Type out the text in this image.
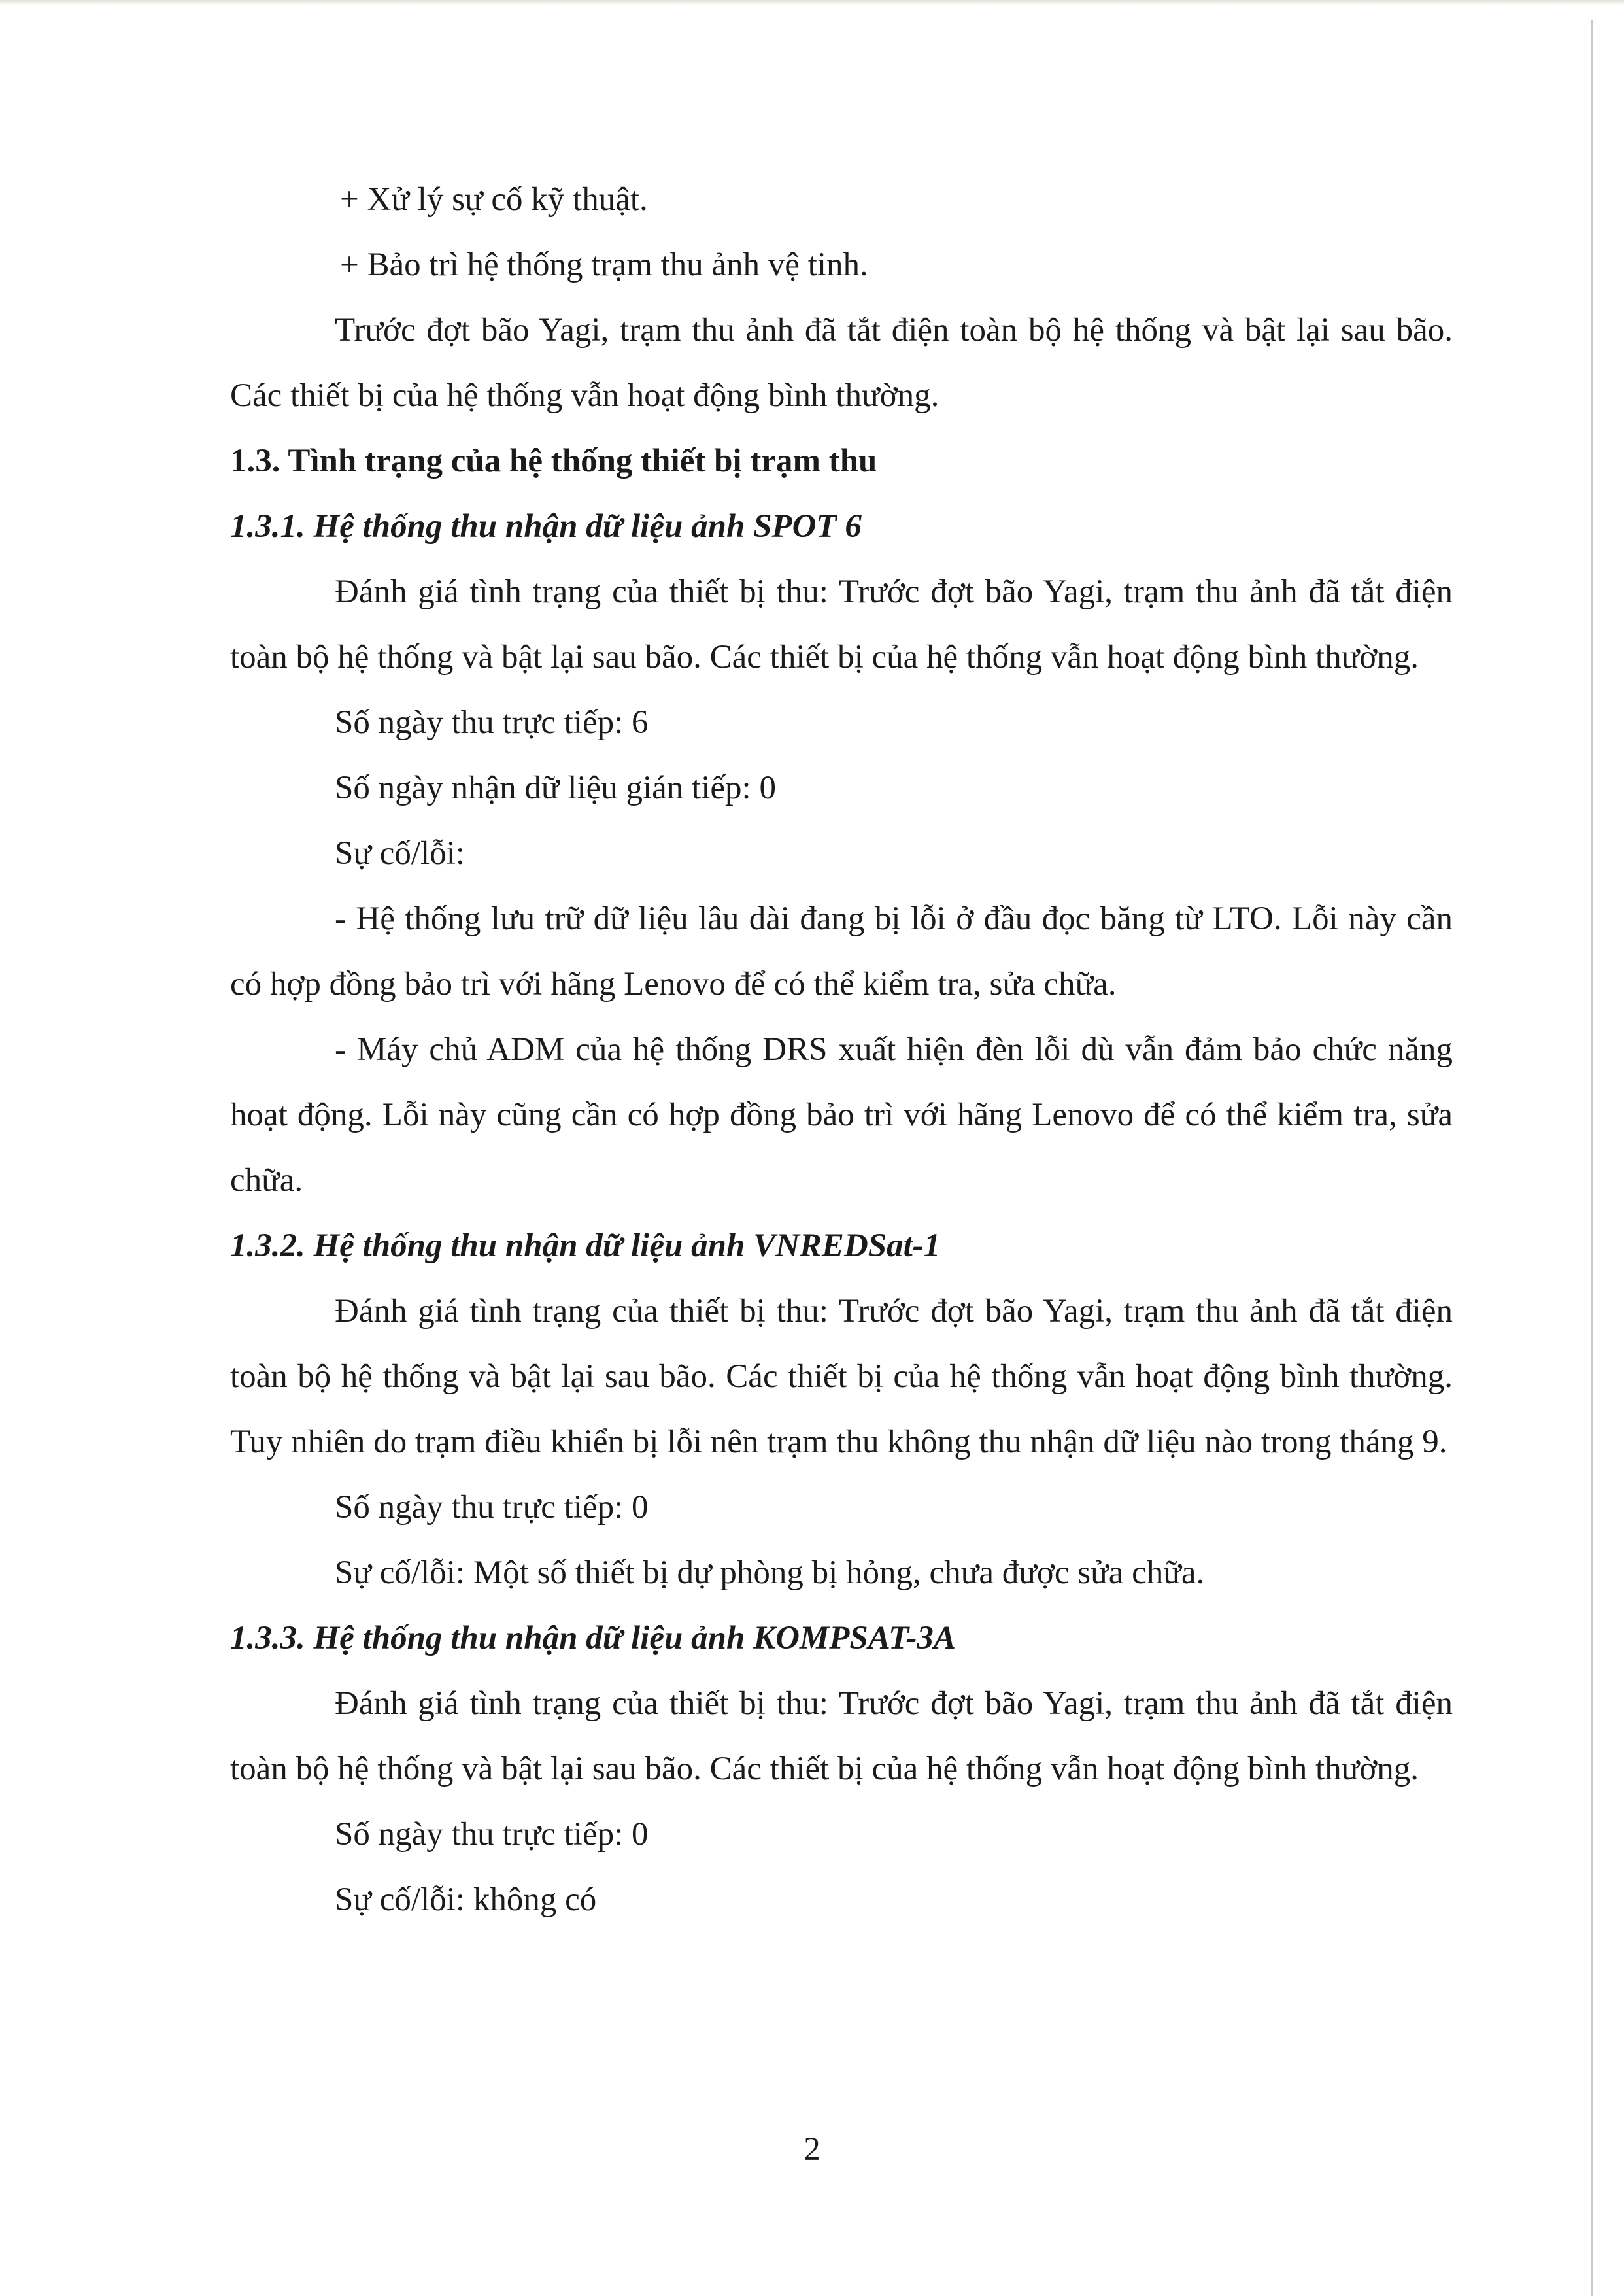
+ Xử lý sự cố kỹ thuật.

+ Bảo trì hệ thống trạm thu ảnh vệ tinh.

Trước đợt bão Yagi, trạm thu ảnh đã tắt điện toàn bộ hệ thống và bật lại sau bão. Các thiết bị của hệ thống vẫn hoạt động bình thường.

1.3. Tình trạng của hệ thống thiết bị trạm thu
1.3.1. Hệ thống thu nhận dữ liệu ảnh SPOT 6

Đánh giá tình trạng của thiết bị thu: Trước đợt bão Yagi, trạm thu ảnh đã tắt điện toàn bộ hệ thống và bật lại sau bão. Các thiết bị của hệ thống vẫn hoạt động bình thường.

Số ngày thu trực tiếp: 6

Số ngày nhận dữ liệu gián tiếp: 0

Sự cố/lỗi:

- Hệ thống lưu trữ dữ liệu lâu dài đang bị lỗi ở đầu đọc băng từ LTO. Lỗi này cần có hợp đồng bảo trì với hãng Lenovo để có thể kiểm tra, sửa chữa.

- Máy chủ ADM của hệ thống DRS xuất hiện đèn lỗi dù vẫn đảm bảo chức năng hoạt động. Lỗi này cũng cần có hợp đồng bảo trì với hãng Lenovo để có thể kiểm tra, sửa chữa.

1.3.2. Hệ thống thu nhận dữ liệu ảnh VNREDSat-1

Đánh giá tình trạng của thiết bị thu: Trước đợt bão Yagi, trạm thu ảnh đã tắt điện toàn bộ hệ thống và bật lại sau bão. Các thiết bị của hệ thống vẫn hoạt động bình thường. Tuy nhiên do trạm điều khiển bị lỗi nên trạm thu không thu nhận dữ liệu nào trong tháng 9.

Số ngày thu trực tiếp: 0

Sự cố/lỗi: Một số thiết bị dự phòng bị hỏng, chưa được sửa chữa.

1.3.3. Hệ thống thu nhận dữ liệu ảnh KOMPSAT-3A

Đánh giá tình trạng của thiết bị thu: Trước đợt bão Yagi, trạm thu ảnh đã tắt điện toàn bộ hệ thống và bật lại sau bão. Các thiết bị của hệ thống vẫn hoạt động bình thường.

Số ngày thu trực tiếp: 0

Sự cố/lỗi: không có

2
